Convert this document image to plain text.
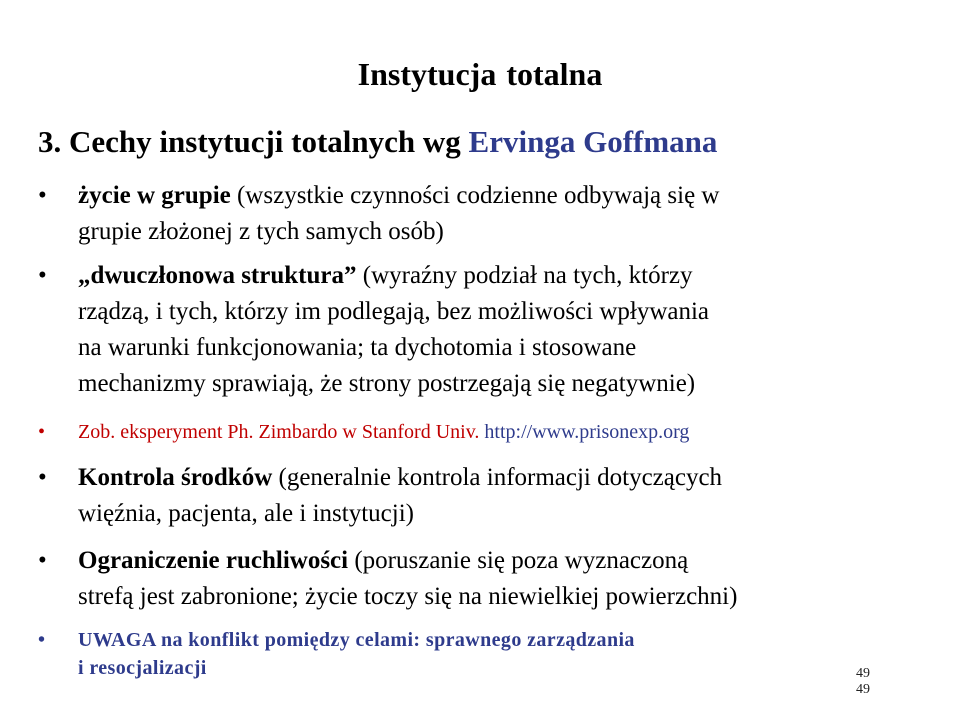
Instytucja totalna
3. Cechy instytucji totalnych wg Ervinga Goffmana
•	życie w grupie (wszystkie czynności codzienne odbywają się w
grupie złożonej z tych samych osób)
•	„dwuczłonowa struktura” (wyraźny podział na tych, którzy
rządzą, i tych, którzy im podlegają, bez możliwości wpływania
na warunki funkcjonowania; ta dychotomia i stosowane
mechanizmy sprawiają, że strony postrzegają się negatywnie)
•	Zob. eksperyment Ph. Zimbardo w Stanford Univ. http://www.prisonexp.org
•	Kontrola środków (generalnie kontrola informacji dotyczących
więźnia, pacjenta, ale i instytucji)
•	Ograniczenie ruchliwości (poruszanie się poza wyznaczoną
strefą jest zabronione; życie toczy się na niewielkiej powierzchni)
•	UWAGA na konflikt pomiędzy celami: sprawnego zarządzania
i resocjalizacji	49
49
